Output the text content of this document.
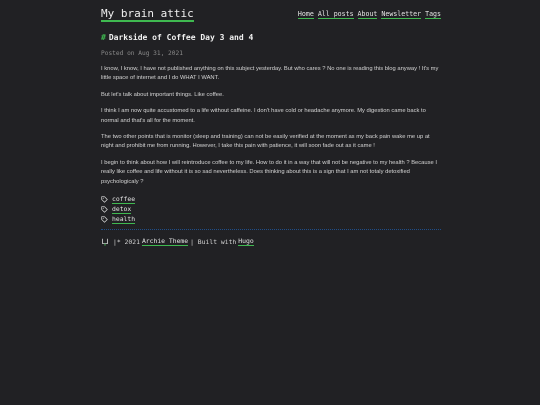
My brain attic	Home All posts About Newsletter Tags
# Darkside of Coffee Day 3 and 4
Posted on Aug 31, 2021

I know, I know, I have not published anything on this subject yesterday. But who cares ? No one is reading this blog anyway ! It's my little space of internet and I do WHAT I WANT.

But let's talk about important things. Like coffee.

I think I am now quite accustomed to a life without caffeine. I don't have cold or headache anymore. My digestion came back to normal and that's all for the moment.

The two other points that is monitor (sleep and training) can not be easily verified at the moment as my back pain wake me up at night and prohibit me from running. However, I take this pain with patience, it will soon fade out as it came !

I begin to think about how I will reintroduce coffee to my life. How to do it in a way that will not be negative to my health ? Because I really like coffee and life without it is so sad nevertheless. Does thinking about this is a sign that I am not totaly detoxified psychologicaly ?

coffee
detox
health
|* 2021 Archie Theme | Built with Hugo
